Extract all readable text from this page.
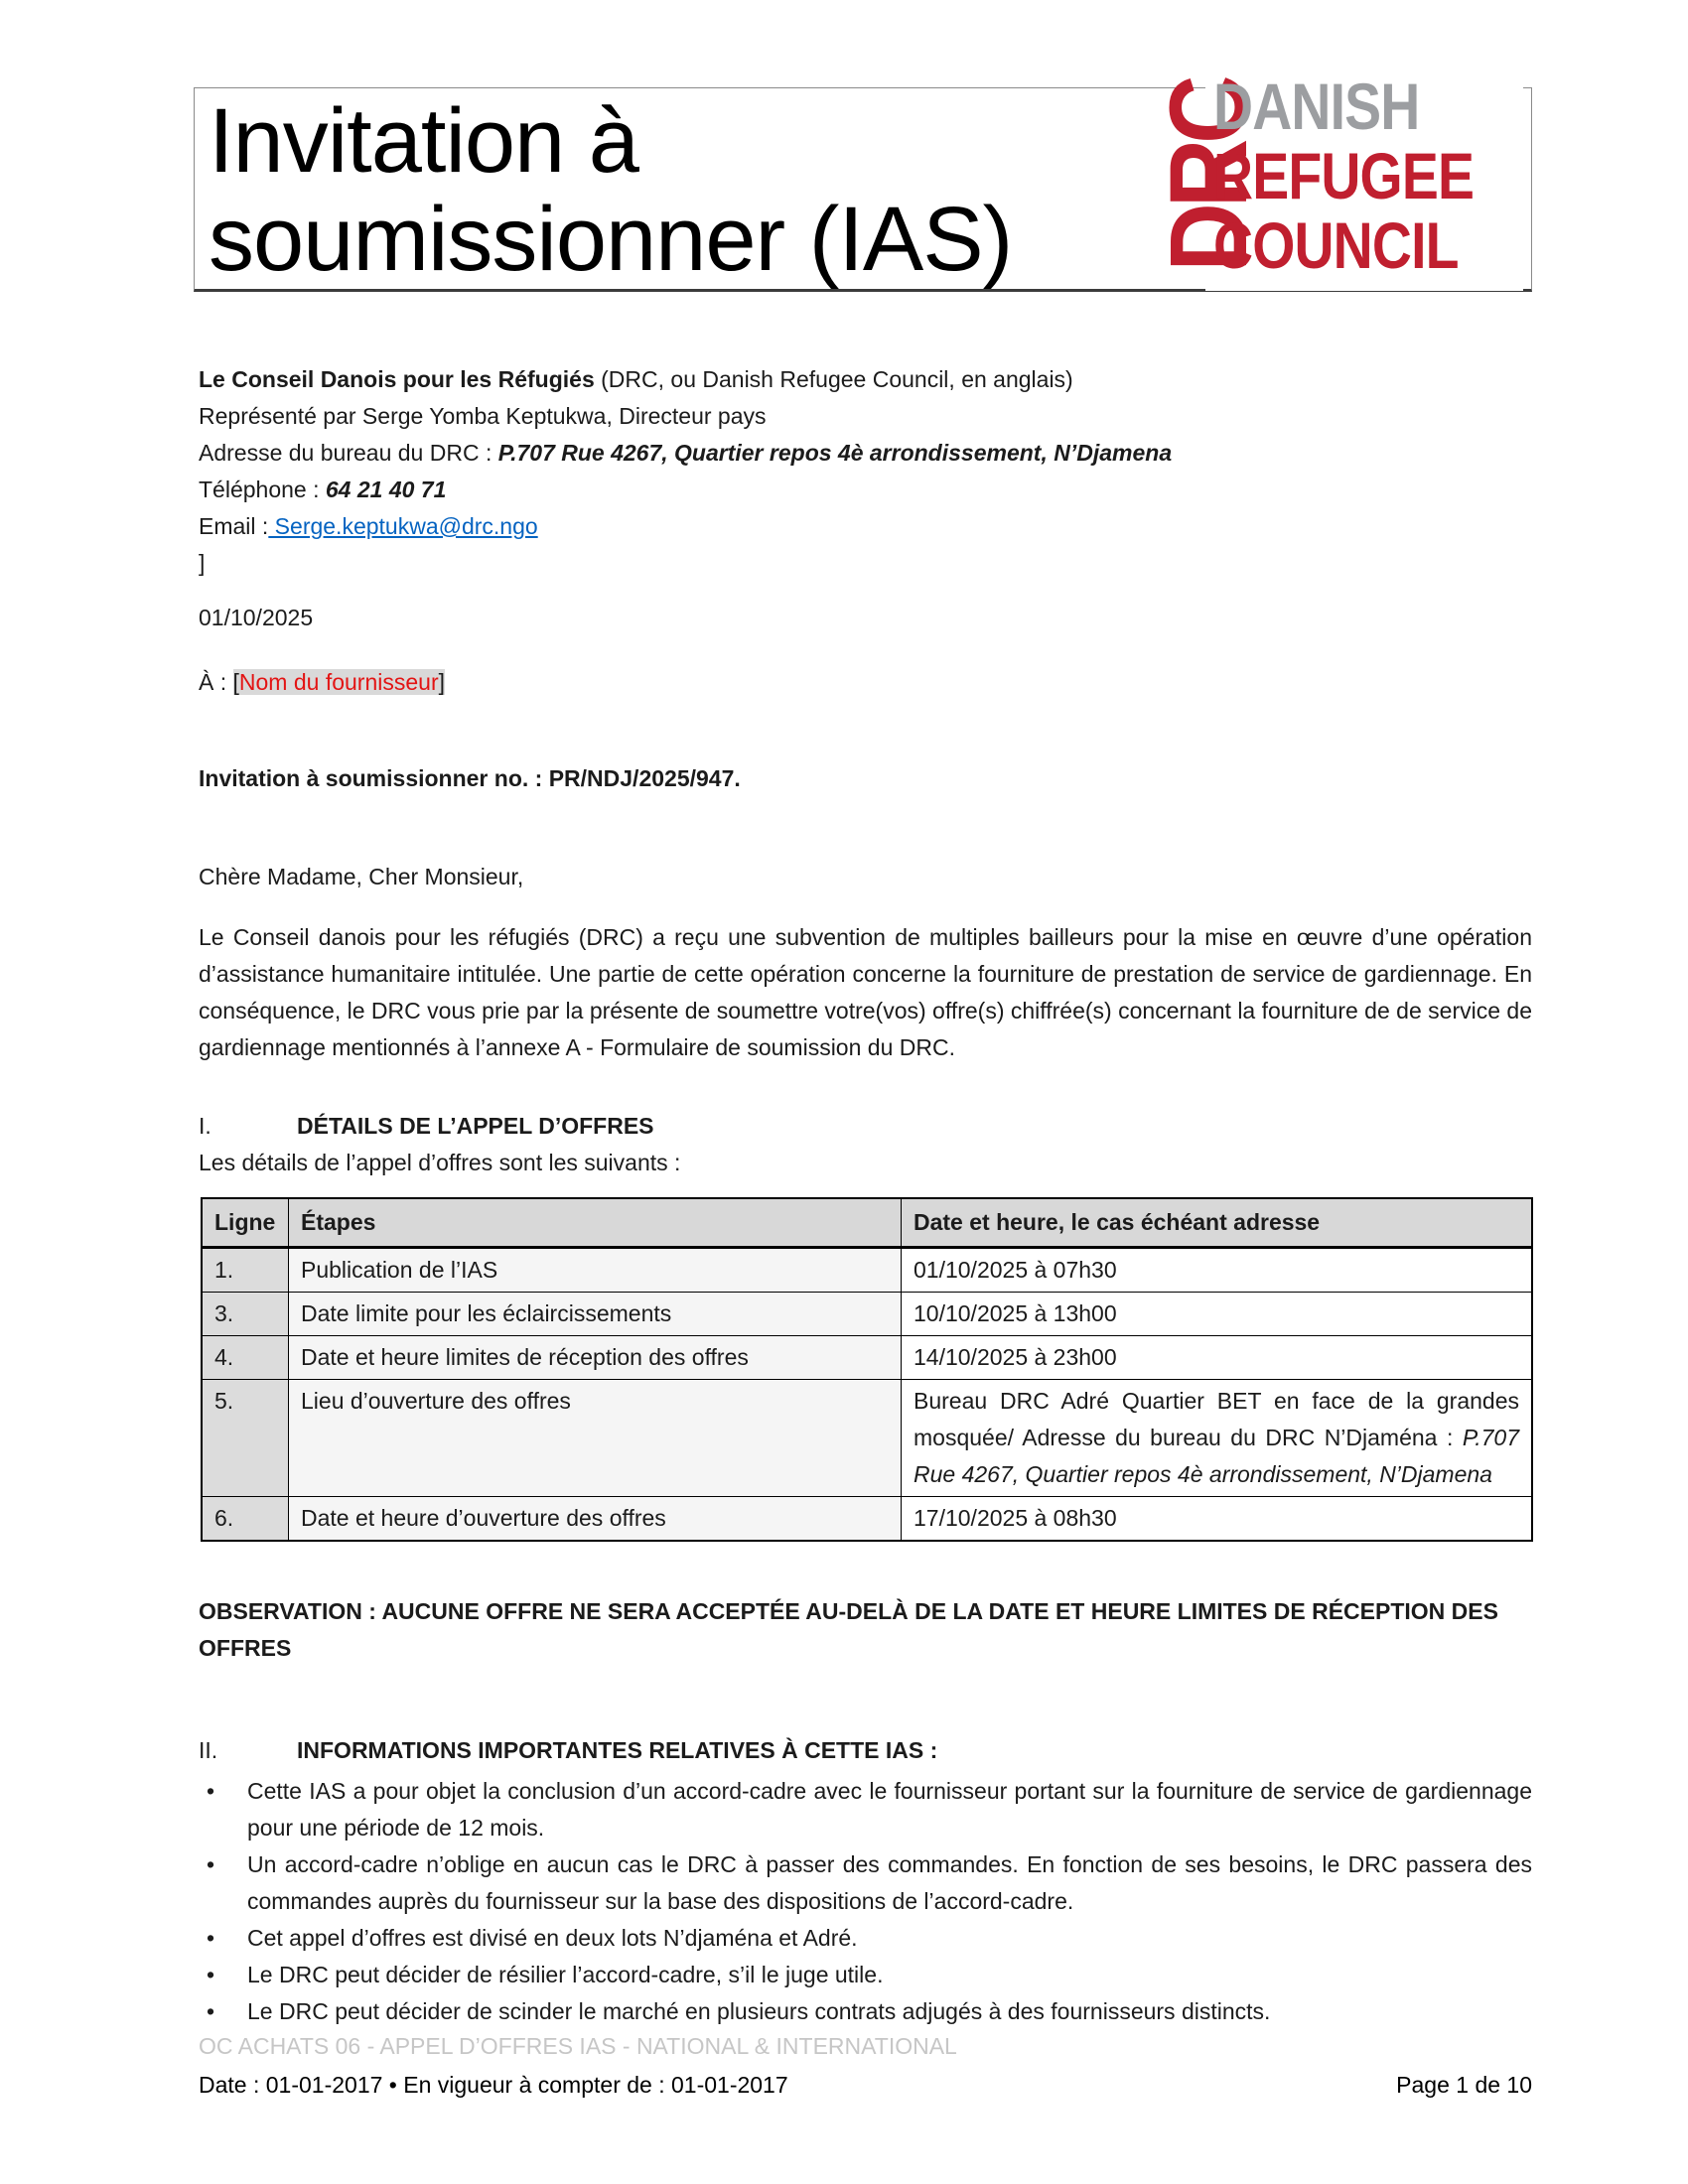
Invitation à
soumissionner (IAS)	DRC
DANISH
REFUGEE
COUNCIL
Le Conseil Danois pour les Réfugiés (DRC, ou Danish Refugee Council, en anglais)
Représenté par Serge Yomba Keptukwa, Directeur pays
Adresse du bureau du DRC : P.707 Rue 4267, Quartier repos 4è arrondissement, N’Djamena
Téléphone : 64 21 40 71
Email : Serge.keptukwa@drc.ngo
]
01/10/2025
À : [Nom du fournisseur]
Invitation à soumissionner no. : PR/NDJ/2025/947.
Chère Madame, Cher Monsieur,
Le Conseil danois pour les réfugiés (DRC) a reçu une subvention de multiples bailleurs pour la mise en œuvre d’une opération d’assistance humanitaire intitulée. Une partie de cette opération concerne la fourniture de prestation de service de gardiennage. En conséquence, le DRC vous prie par la présente de soumettre votre(vos) offre(s) chiffrée(s) concernant la fourniture de de service de gardiennage mentionnés à l’annexe A - Formulaire de soumission du DRC.
I.	DÉTAILS DE L’APPEL D’OFFRES
Les détails de l’appel d’offres sont les suivants :
Ligne	Étapes	Date et heure, le cas échéant adresse
1.	Publication de l’IAS	01/10/2025 à 07h30
3.	Date limite pour les éclaircissements	10/10/2025 à 13h00
4.	Date et heure limites de réception des offres	14/10/2025 à 23h00
5.	Lieu d’ouverture des offres	Bureau DRC Adré Quartier BET en face de la grandes mosquée/ Adresse du bureau du DRC N’Djaména : P.707 Rue 4267, Quartier repos 4è arrondissement, N’Djamena
6.	Date et heure d’ouverture des offres	17/10/2025 à 08h30
OBSERVATION : AUCUNE OFFRE NE SERA ACCEPTÉE AU-DELÀ DE LA DATE ET HEURE LIMITES DE RÉCEPTION DES OFFRES
II.	INFORMATIONS IMPORTANTES RELATIVES À CETTE IAS :
• Cette IAS a pour objet la conclusion d’un accord-cadre avec le fournisseur portant sur la fourniture de service de gardiennage pour une période de 12 mois.
• Un accord-cadre n’oblige en aucun cas le DRC à passer des commandes. En fonction de ses besoins, le DRC passera des commandes auprès du fournisseur sur la base des dispositions de l’accord-cadre.
• Cet appel d’offres est divisé en deux lots N’djaména et Adré.
• Le DRC peut décider de résilier l’accord-cadre, s’il le juge utile.
• Le DRC peut décider de scinder le marché en plusieurs contrats adjugés à des fournisseurs distincts.
OC ACHATS 06 - APPEL D’OFFRES IAS - NATIONAL & INTERNATIONAL
Date : 01-01-2017 • En vigueur à compter de : 01-01-2017	Page 1 de 10
